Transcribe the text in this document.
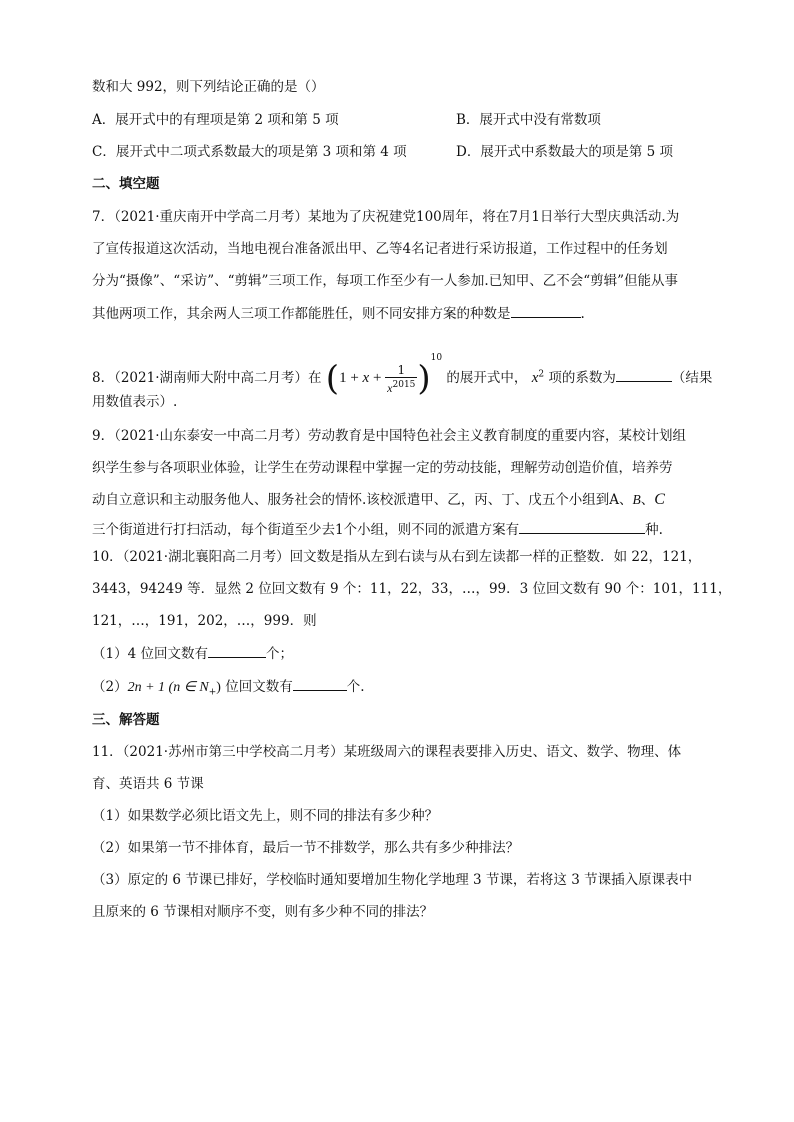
数和大 992，则下列结论正确的是（）
A．展开式中的有理项是第 2 项和第 5 项	B．展开式中没有常数项
C．展开式中二项式系数最大的项是第 3 项和第 4 项	D．展开式中系数最大的项是第 5 项
二、填空题
7．（2021·重庆南开中学高二月考）某地为了庆祝建党100周年，将在7月1日举行大型庆典活动.为
了宣传报道这次活动，当地电视台准备派出甲、乙等4名记者进行采访报道，工作过程中的任务划
分为“摄像”、“采访”、“剪辑”三项工作，每项工作至少有一人参加.已知甲、乙不会“剪辑”但能从事
其他两项工作，其余两人三项工作都能胜任，则不同安排方案的种数是	.
8．（2021·湖南师大附中高二月考）在 $(1 + x + \frac{1}{x^{2015}} )^{10}$ 的展开式中， $x^2$ 项的系数为	（结果
用数值表示）.
9．（2021·山东泰安一中高二月考）劳动教育是中国特色社会主义教育制度的重要内容，某校计划组
织学生参与各项职业体验，让学生在劳动课程中掌握一定的劳动技能，理解劳动创造价值，培养劳
动自立意识和主动服务他人、服务社会的情怀.该校派遣甲、乙，丙、丁、戊五个小组到A、B、C
三个街道进行打扫活动，每个街道至少去1个小组，则不同的派遣方案有	种.
10．（2021·湖北襄阳高二月考）回文数是指从左到右读与从右到左读都一样的正整数．如 22，121，
3443，94249 等．显然 2 位回文数有 9 个：11，22，33，…，99．3 位回文数有 90 个：101，111，
121，…，191，202，…，999．则
（1）4 位回文数有	个；
（2）2n + 1 (n ∈ $N_+$) 位回文数有	个.
三、解答题
11．（2021·苏州市第三中学校高二月考）某班级周六的课程表要排入历史、语文、数学、物理、体
育、英语共 6 节课
（1）如果数学必须比语文先上，则不同的排法有多少种？
（2）如果第一节不排体育，最后一节不排数学，那么共有多少种排法？
（3）原定的 6 节课已排好，学校临时通知要增加生物化学地理 3 节课，若将这 3 节课插入原课表中
且原来的 6 节课相对顺序不变，则有多少种不同的排法？
